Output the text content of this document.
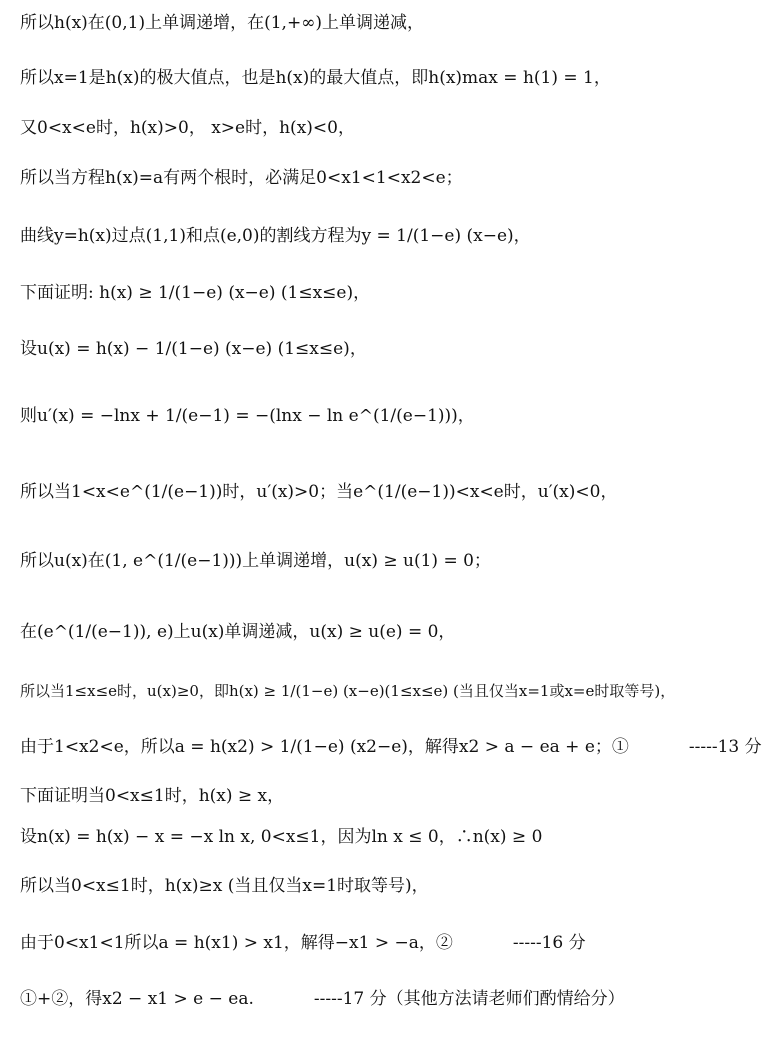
所以h(x)在(0,1)上单调递增，在(1,+∞)上单调递减，
所以x=1是h(x)的极大值点，也是h(x)的最大值点，即h(x)max = h(1) = 1，
又0<x<e时，h(x)>0， x>e时，h(x)<0，
所以当方程h(x)=a有两个根时，必满足0<x1<1<x2<e；
曲线y=h(x)过点(1,1)和点(e,0)的割线方程为y = 1/(1−e) (x−e)，
下面证明: h(x) ≥ 1/(1−e) (x−e) (1≤x≤e)，
设u(x) = h(x) − 1/(1−e) (x−e) (1≤x≤e)，
则u′(x) = −lnx + 1/(e−1) = −(lnx − ln e^(1/(e−1)))，
所以当1<x<e^(1/(e−1))时，u′(x)>0；当e^(1/(e−1))<x<e时，u′(x)<0，
所以u(x)在(1, e^(1/(e−1)))上单调递增，u(x) ≥ u(1) = 0；
在(e^(1/(e−1)), e)上u(x)单调递减，u(x) ≥ u(e) = 0，
所以当1≤x≤e时，u(x)≥0，即h(x) ≥ 1/(1−e) (x−e)(1≤x≤e) (当且仅当x=1或x=e时取等号)，
由于1<x2<e，所以a = h(x2) > 1/(1−e) (x2−e)，解得x2 > a − ea + e；①	-----13 分
下面证明当0<x≤1时，h(x) ≥ x，
设n(x) = h(x) − x = −x ln x, 0<x≤1，因为ln x ≤ 0，∴n(x) ≥ 0
所以当0<x≤1时，h(x)≥x (当且仅当x=1时取等号)，
由于0<x1<1所以a = h(x1) > x1，解得−x1 > −a，②	-----16 分
①+②，得x2 − x1 > e − ea.	-----17 分（其他方法请老师们酌情给分）
